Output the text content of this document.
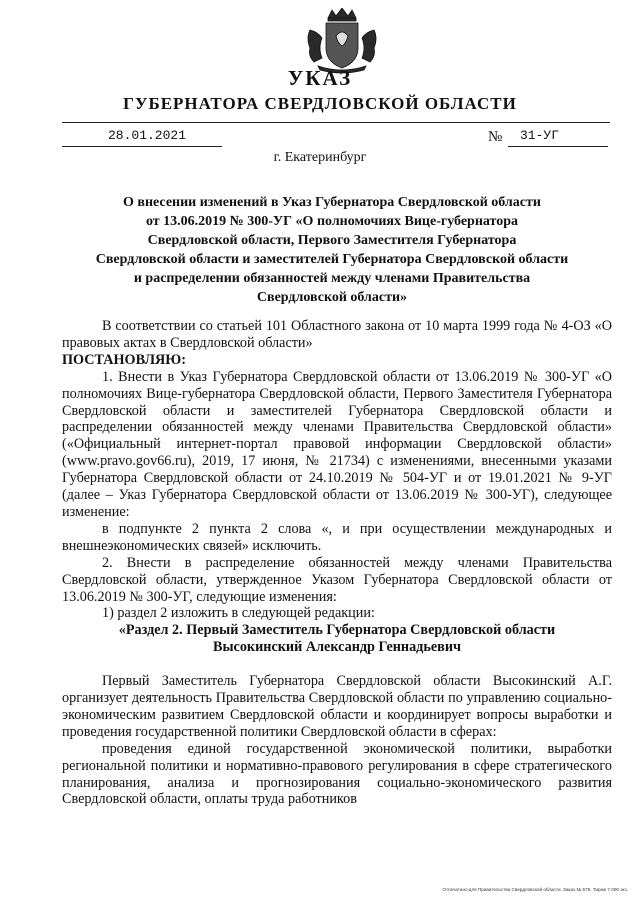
УКАЗ
ГУБЕРНАТОРА СВЕРДЛОВСКОЙ ОБЛАСТИ
28.01.2021	№ 31-УГ
г. Екатеринбург
О внесении изменений в Указ Губернатора Свердловской области
от 13.06.2019 № 300-УГ «О полномочиях Вице-губернатора
Свердловской области, Первого Заместителя Губернатора
Свердловской области и заместителей Губернатора Свердловской области
и распределении обязанностей между членами Правительства
Свердловской области»

В соответствии со статьей 101 Областного закона от 10 марта 1999 года № 4-ОЗ «О правовых актах в Свердловской области»

ПОСТАНОВЛЯЮ:

1. Внести в Указ Губернатора Свердловской области от 13.06.2019 № 300-УГ «О полномочиях Вице-губернатора Свердловской области, Первого Заместителя Губернатора Свердловской области и заместителей Губернатора Свердловской области и распределении обязанностей между членами Правительства Свердловской области» («Официальный интернет-портал правовой информации Свердловской области» (www.pravo.gov66.ru), 2019, 17 июня, № 21734) с изменениями, внесенными указами Губернатора Свердловской области от 24.10.2019 № 504-УГ и от 19.01.2021 № 9-УГ (далее – Указ Губернатора Свердловской области от 13.06.2019 № 300-УГ), следующее изменение:

в подпункте 2 пункта 2 слова «, и при осуществлении международных и внешнеэкономических связей» исключить.

2. Внести в распределение обязанностей между членами Правительства Свердловской области, утвержденное Указом Губернатора Свердловской области от 13.06.2019 № 300-УГ, следующие изменения:

1) раздел 2 изложить в следующей редакции:

«Раздел 2. Первый Заместитель Губернатора Свердловской области

Высокинский Александр Геннадьевич

Первый Заместитель Губернатора Свердловской области Высокинский А.Г. организует деятельность Правительства Свердловской области по управлению социально-экономическим развитием Свердловской области и координирует вопросы выработки и проведения государственной политики Свердловской области в сферах:

проведения единой государственной экономической политики, выработки региональной политики и нормативно-правового регулирования в сфере стратегического планирования, анализа и прогнозирования социально-экономического развития Свердловской области, оплаты труда работников

Отпечатано для Правительства Свердловской области. Заказ № 575. Тираж 7 000 экз.
